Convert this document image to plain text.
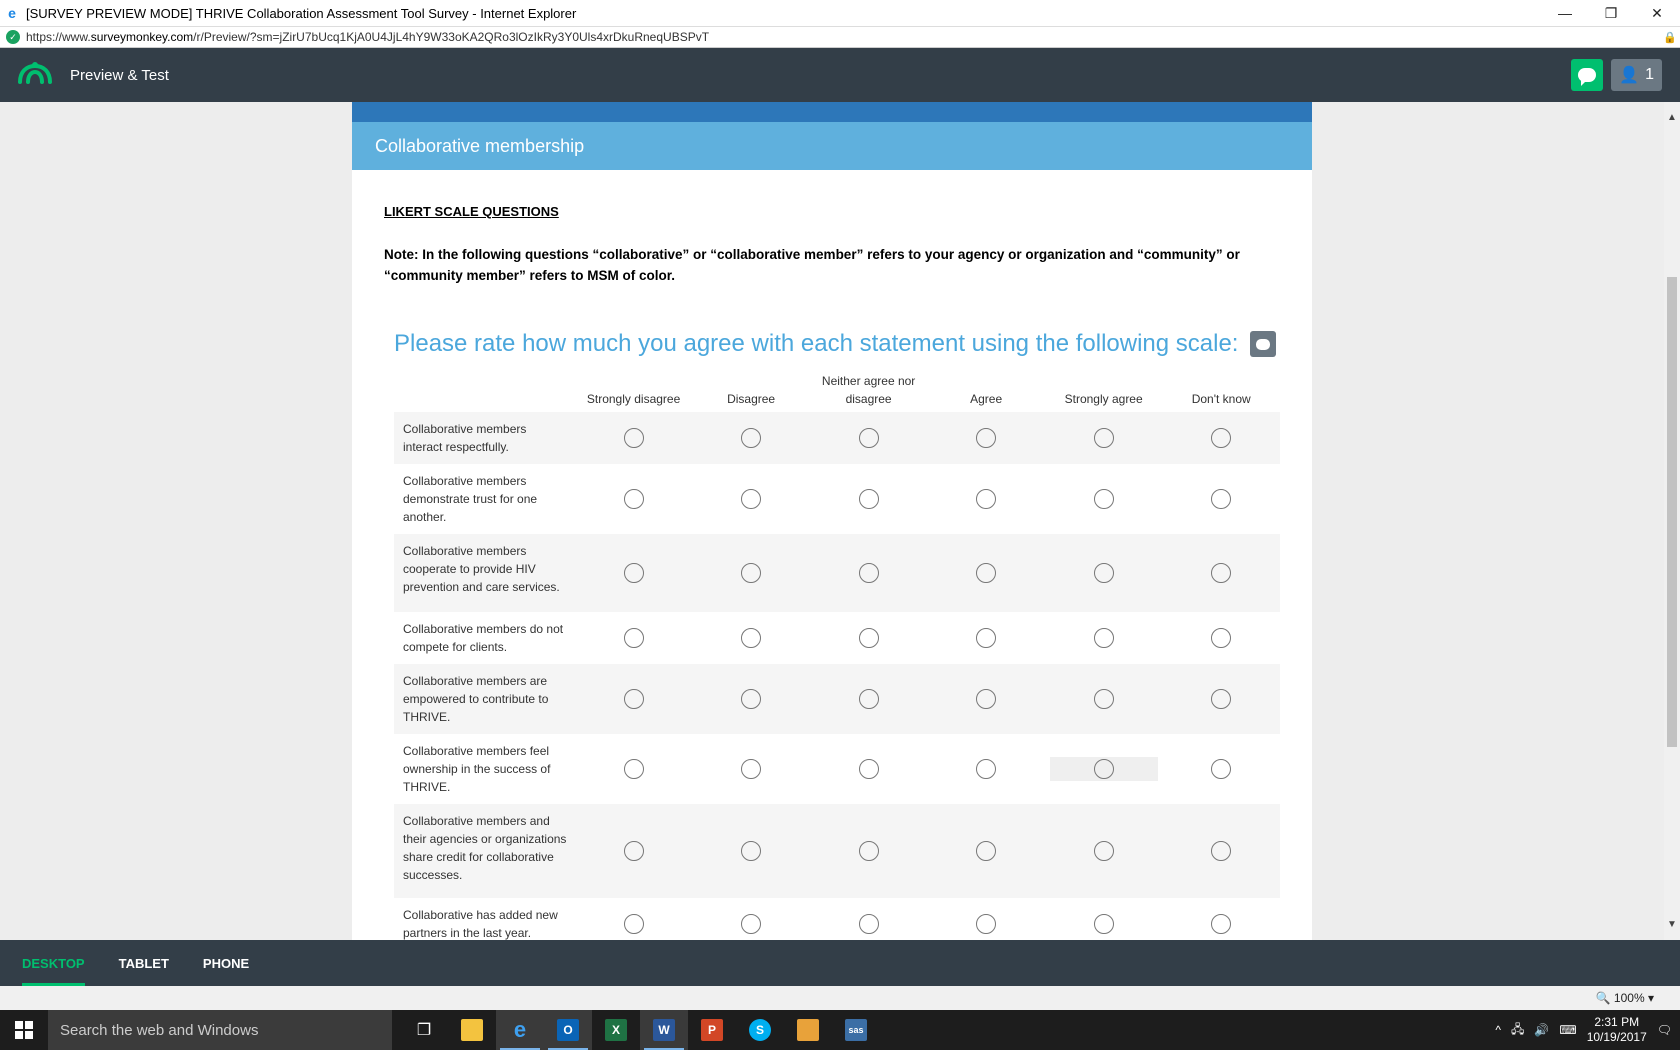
e [SURVEY PREVIEW MODE] THRIVE Collaboration Assessment Tool Survey - Internet Explorer	—	❐	✕
✓ https://www.surveymonkey.com/r/Preview/?sm=jZirU7bUcq1KjA0U4JjL4hY9W33oKA2QRo3lOzIkRy3Y0Uls4xrDkuRneqUBSPvT	🔒
Preview & Test	👤 1
Collaborative membership
LIKERT SCALE QUESTIONS
Note: In the following questions “collaborative” or “collaborative member” refers to your agency or organization and “community” or “community member” refers to MSM of color.
Please rate how much you agree with each statement using the following scale:
	Strongly disagree	Disagree	Neither agree nor disagree	Agree	Strongly agree	Don't know
Collaborative members interact respectfully.						
Collaborative members demonstrate trust for one another.						
Collaborative members cooperate to provide HIV prevention and care services.						
Collaborative members do not compete for clients.						
Collaborative members are empowered to contribute to THRIVE.						
Collaborative members feel ownership in the success of THRIVE.						
Collaborative members and their agencies or organizations share credit for collaborative successes.						
Collaborative has added new partners in the last year.						
▲
▼
DESKTOP	TABLET	PHONE
🔍 100% ▾
Search the web and Windows	❐	e	O	X	W	P	S	sas	^ 🖧 🔊 ⌨
2:31 PM
10/19/2017 🗨
